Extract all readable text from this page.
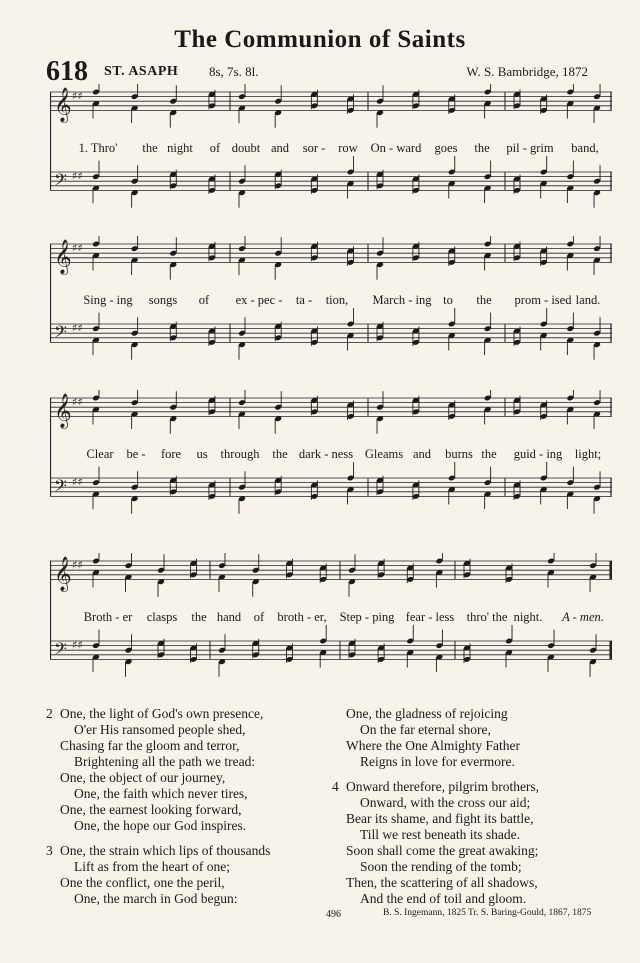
The Communion of Saints
618 ST. ASAPH 8s, 7s. 8l.	W. S. Bambridge, 1872
𝄞 ♯♯
𝄢 ♯♯
1. Thro' the night of doubt and sor - row On - ward goes the pil - grim band,
𝄞 ♯♯
𝄢 ♯♯
Sing - ing songs of ex - pec - ta - tion, March - ing to the prom - ised land.
𝄞 ♯♯
𝄢 ♯♯
Clear be - fore us through the dark - ness Gleams and burns the guid - ing light;
𝄞 ♯♯
𝄢 ♯♯
Broth - er clasps the hand of broth - er, Step - ping fear - less thro' the night. A - men.
2 One, the light of God's own presence,
O'er His ransomed people shed,
Chasing far the gloom and terror,
Brightening all the path we tread:
One, the object of our journey,
One, the faith which never tires,
One, the earnest looking forward,
One, the hope our God inspires.
3 One, the strain which lips of thousands
Lift as from the heart of one;
One the conflict, one the peril,
One, the march in God begun:
One, the gladness of rejoicing
On the far eternal shore,
Where the One Almighty Father
Reigns in love for evermore.
4 Onward therefore, pilgrim brothers,
Onward, with the cross our aid;
Bear its shame, and fight its battle,
Till we rest beneath its shade.
Soon shall come the great awaking;
Soon the rending of the tomb;
Then, the scattering of all shadows,
And the end of toil and gloom.
496	B. S. Ingemann, 1825 Tr. S. Baring-Gould, 1867, 1875
